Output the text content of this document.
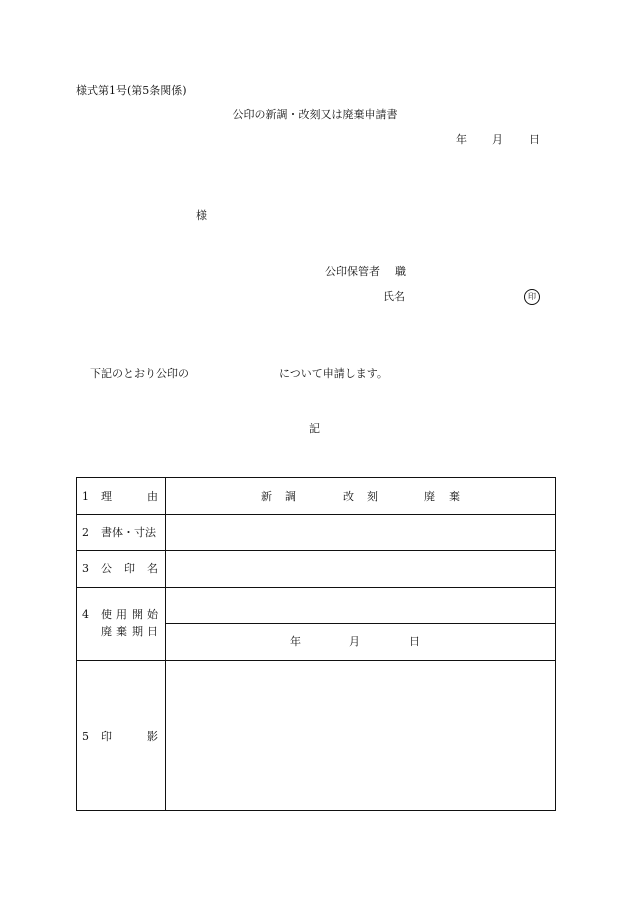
様式第1号(第5条関係)
公印の新調・改刻又は廃棄申請書
年 月 日
様
公印保管者 職
氏名	印
下記のとおり公印の	について申請します。
記
1 理	由	新 調	改 刻	廃 棄
2 書体・寸法
3 公 印 名
4 使 用 開 始
廃 棄 期 日
年	月	日
5 印	影
